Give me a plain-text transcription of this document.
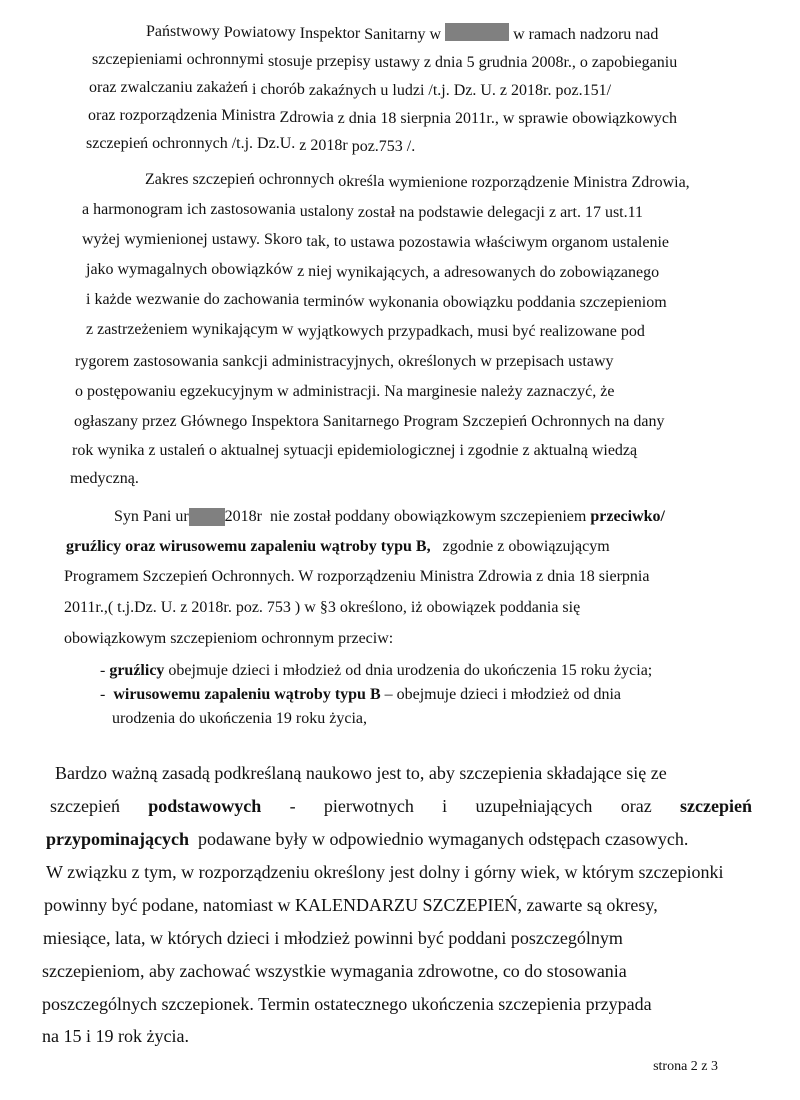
Państwowy Powiatowy Inspektor Sanitarny w	w ramach nadzoru nad
szczepieniami ochronnymi stosuje przepisy ustawy z dnia 5 grudnia 2008r., o zapobieganiu
oraz zwalczaniu zakażeń i chorób zakaźnych u ludzi /t.j. Dz. U. z 2018r. poz.151/
oraz rozporządzenia Ministra Zdrowia z dnia 18 sierpnia 2011r., w sprawie obowiązkowych
szczepień ochronnych /t.j. Dz.U. z 2018r poz.753 /.
Zakres szczepień ochronnych określa wymienione rozporządzenie Ministra Zdrowia,
a harmonogram ich zastosowania ustalony został na podstawie delegacji z art. 17 ust.11
wyżej wymienionej ustawy. Skoro tak, to ustawa pozostawia właściwym organom ustalenie
jako wymagalnych obowiązków z niej wynikających, a adresowanych do zobowiązanego
i każde wezwanie do zachowania terminów wykonania obowiązku poddania szczepieniom
z zastrzeżeniem wynikającym w wyjątkowych przypadkach, musi być realizowane pod
rygorem zastosowania sankcji administracyjnych, określonych w przepisach ustawy
o postępowaniu egzekucyjnym w administracji. Na marginesie należy zaznaczyć, że
ogłaszany przez Głównego Inspektora Sanitarnego Program Szczepień Ochronnych na dany
rok wynika z ustaleń o aktualnej sytuacji epidemiologicznej i zgodnie z aktualną wiedzą
medyczną.
Syn Pani ur 2018r nie został poddany obowiązkowym szczepieniem przeciwko/
gruźlicy oraz wirusowemu zapaleniu wątroby typu B, zgodnie z obowiązującym
Programem Szczepień Ochronnych. W rozporządzeniu Ministra Zdrowia z dnia 18 sierpnia
2011r.,( t.j.Dz. U. z 2018r. poz. 753 ) w §3 określono, iż obowiązek poddania się
obowiązkowym szczepieniom ochronnym przeciw:
- gruźlicy obejmuje dzieci i młodzież od dnia urodzenia do ukończenia 15 roku życia;
- wirusowemu zapaleniu wątroby typu B – obejmuje dzieci i młodzież od dnia
urodzenia do ukończenia 19 roku życia,
Bardzo ważną zasadą podkreślaną naukowo jest to, aby szczepienia składające się ze
szczepień podstawowych - pierwotnych i uzupełniających oraz szczepień
przypominających podawane były w odpowiednio wymaganych odstępach czasowych.
W związku z tym, w rozporządzeniu określony jest dolny i górny wiek, w którym szczepionki
powinny być podane, natomiast w KALENDARZU SZCZEPIEŃ, zawarte są okresy,
miesiące, lata, w których dzieci i młodzież powinni być poddani poszczególnym
szczepieniom, aby zachować wszystkie wymagania zdrowotne, co do stosowania
poszczególnych szczepionek. Termin ostatecznego ukończenia szczepienia przypada
na 15 i 19 rok życia.
strona 2 z 3
